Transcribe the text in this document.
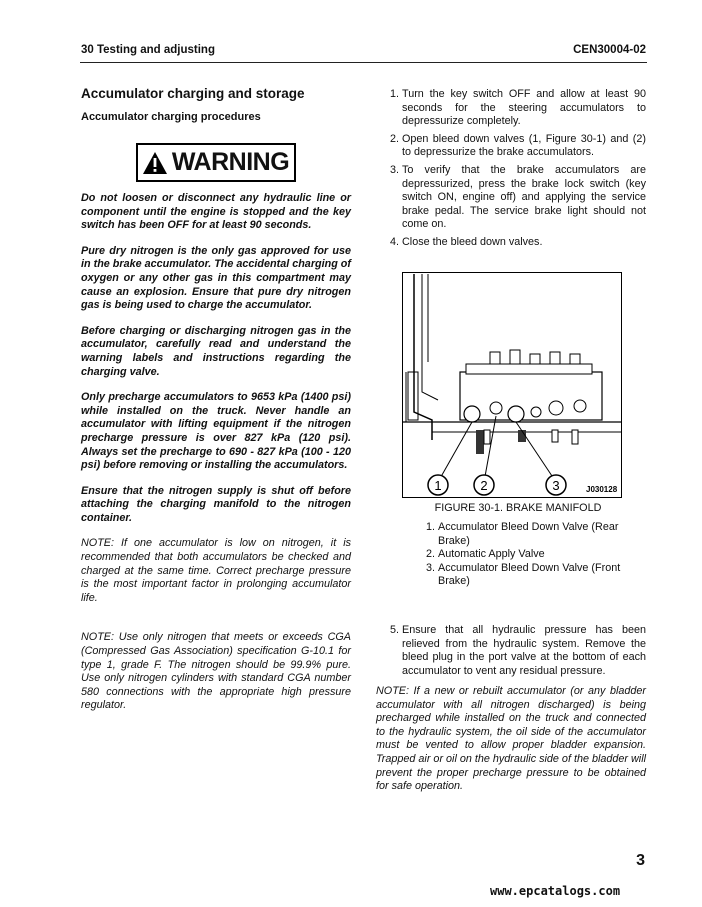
30 Testing and adjusting	CEN30004-02
Accumulator charging and storage
Accumulator charging procedures
WARNING

Do not loosen or disconnect any hydraulic line or component until the engine is stopped and the key switch has been OFF for at least 90 seconds.

Pure dry nitrogen is the only gas approved for use in the brake accumulator. The accidental charging of oxygen or any other gas in this compartment may cause an explosion. Ensure that pure dry nitrogen gas is being used to charge the accumulator.

Before charging or discharging nitrogen gas in the accumulator, carefully read and understand the warning labels and instructions regarding the charging valve.

Only precharge accumulators to 9653 kPa (1400 psi) while installed on the truck. Never handle an accumulator with lifting equipment if the nitrogen precharge pressure is over 827 kPa (120 psi). Always set the precharge to 690 - 827 kPa (100 - 120 psi) before removing or installing the accumulators.

Ensure that the nitrogen supply is shut off before attaching the charging manifold to the nitrogen container.

NOTE: If one accumulator is low on nitrogen, it is recommended that both accumulators be checked and charged at the same time. Correct precharge pressure is the most important factor in prolonging accumulator life.

NOTE: Use only nitrogen that meets or exceeds CGA (Compressed Gas Association) specification G-10.1 for type 1, grade F. The nitrogen should be 99.9% pure. Use only nitrogen cylinders with standard CGA number 580 connections with the appropriate high pressure regulator.

1. Turn the key switch OFF and allow at least 90 seconds for the steering accumulators to depressurize completely.
2. Open bleed down valves (1, Figure 30-1) and (2) to depressurize the brake accumulators.
3. To verify that the brake accumulators are depressurized, press the brake lock switch (key switch ON, engine off) and applying the service brake pedal. The service brake light should not come on.
4. Close the bleed down valves.
1	2	3	J030128
FIGURE 30-1. BRAKE MANIFOLD
1. Accumulator Bleed Down Valve (Rear Brake)
2. Automatic Apply Valve
3. Accumulator Bleed Down Valve (Front Brake)
5. Ensure that all hydraulic pressure has been relieved from the hydraulic system. Remove the bleed plug in the port valve at the bottom of each accumulator to vent any residual pressure.

NOTE: If a new or rebuilt accumulator (or any bladder accumulator with all nitrogen discharged) is being precharged while installed on the truck and connected to the hydraulic system, the oil side of the accumulator must be vented to allow proper bladder expansion. Trapped air or oil on the hydraulic side of the bladder will prevent the proper precharge pressure to be obtained for safe operation.

3
www.epcatalogs.com
